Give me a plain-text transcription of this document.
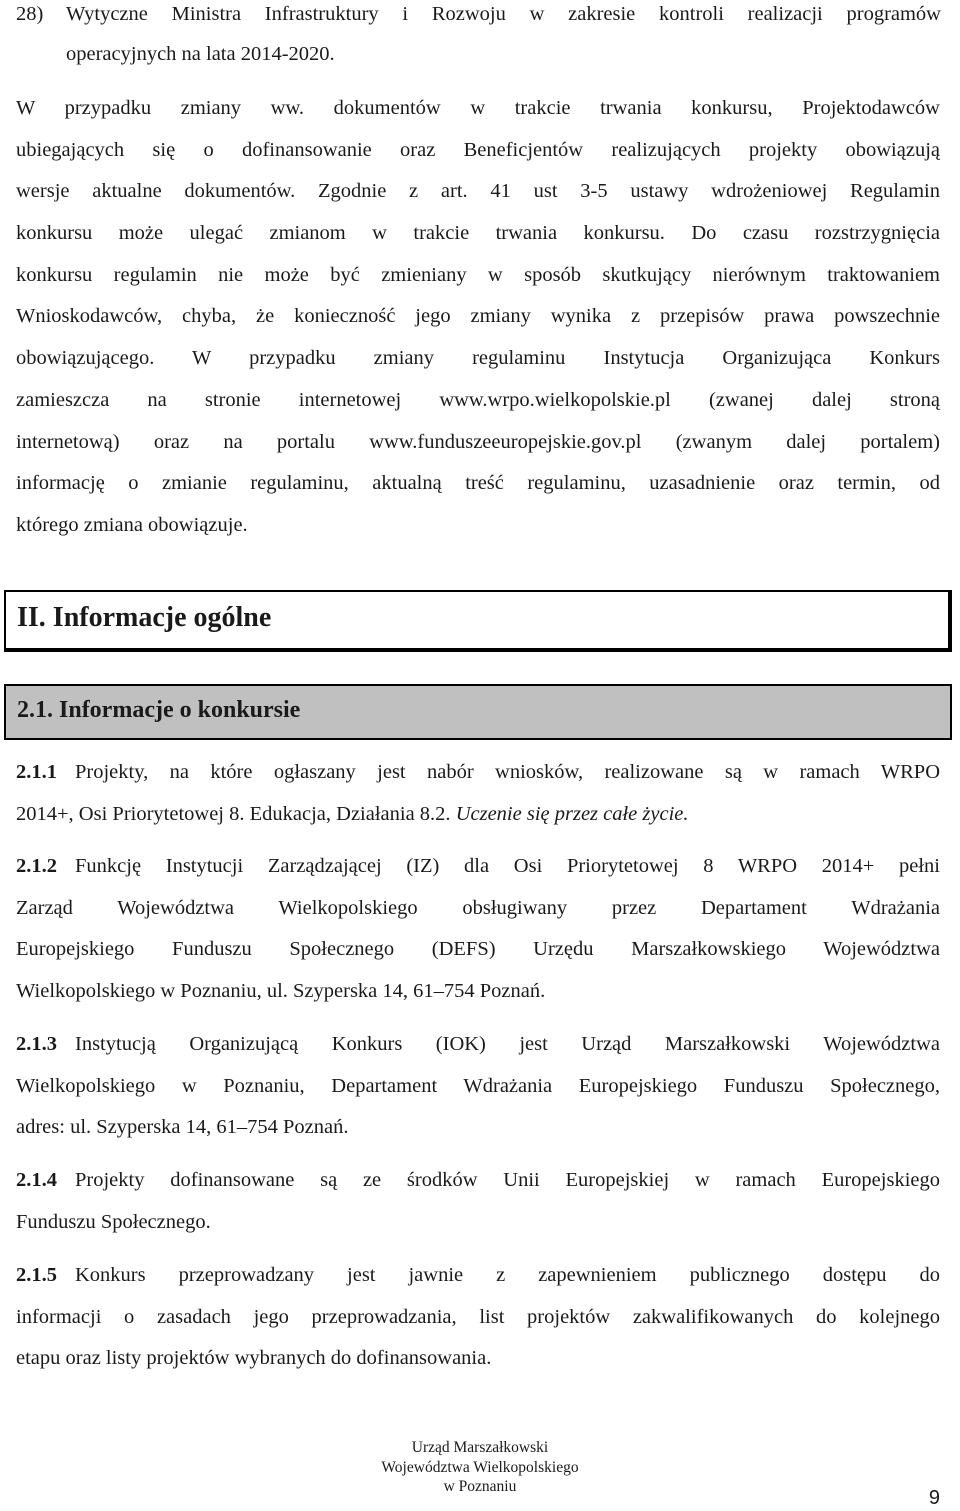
28) Wytyczne Ministra Infrastruktury i Rozwoju w zakresie kontroli realizacji programów
operacyjnych na lata 2014-2020.
W przypadku zmiany ww. dokumentów w trakcie trwania konkursu, Projektodawców
ubiegających się o dofinansowanie oraz Beneficjentów realizujących projekty obowiązują
wersje aktualne dokumentów. Zgodnie z art. 41 ust 3-5 ustawy wdrożeniowej Regulamin
konkursu może ulegać zmianom w trakcie trwania konkursu. Do czasu rozstrzygnięcia
konkursu regulamin nie może być zmieniany w sposób skutkujący nierównym traktowaniem
Wnioskodawców, chyba, że konieczność jego zmiany wynika z przepisów prawa powszechnie
obowiązującego. W przypadku zmiany regulaminu Instytucja Organizująca Konkurs
zamieszcza na stronie internetowej www.wrpo.wielkopolskie.pl (zwanej dalej stroną
internetową) oraz na portalu www.funduszeeuropejskie.gov.pl (zwanym dalej portalem)
informację o zmianie regulaminu, aktualną treść regulaminu, uzasadnienie oraz termin, od
którego zmiana obowiązuje.
II. Informacje ogólne
2.1. Informacje o konkursie
2.1.1 Projekty, na które ogłaszany jest nabór wniosków, realizowane są w ramach WRPO
2014+, Osi Priorytetowej 8. Edukacja, Działania 8.2. Uczenie się przez całe życie.
2.1.2 Funkcję Instytucji Zarządzającej (IZ) dla Osi Priorytetowej 8 WRPO 2014+ pełni
Zarząd Województwa Wielkopolskiego obsługiwany przez Departament Wdrażania
Europejskiego Funduszu Społecznego (DEFS) Urzędu Marszałkowskiego Województwa
Wielkopolskiego w Poznaniu, ul. Szyperska 14, 61–754 Poznań.
2.1.3 Instytucją Organizującą Konkurs (IOK) jest Urząd Marszałkowski Województwa
Wielkopolskiego w Poznaniu, Departament Wdrażania Europejskiego Funduszu Społecznego,
adres: ul. Szyperska 14, 61–754 Poznań.
2.1.4 Projekty dofinansowane są ze środków Unii Europejskiej w ramach Europejskiego
Funduszu Społecznego.
2.1.5 Konkurs przeprowadzany jest jawnie z zapewnieniem publicznego dostępu do
informacji o zasadach jego przeprowadzania, list projektów zakwalifikowanych do kolejnego
etapu oraz listy projektów wybranych do dofinansowania.
Urząd Marszałkowski
Województwa Wielkopolskiego
w Poznaniu
9
